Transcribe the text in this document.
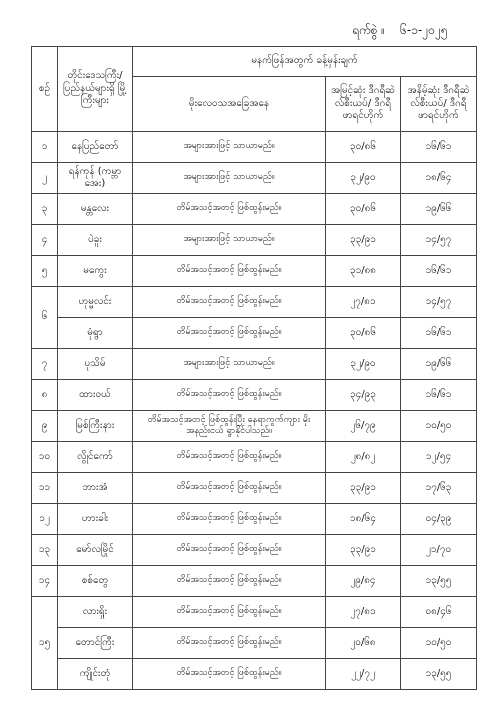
ရက်စွဲ ။ ၆-၁-၂၀၂၅
စဉ်	တိုင်းဒေသကြီး/ ပြည်နယ်များရှိ မြို့ကြီးများ	မနက်ဖြန်အတွက် ခန့်မှန်းချက်		
		မိုးလေဝသအခြေအနေ	အမြင့်ဆုံး ဒီဂရီဆဲလ်စီးယပ်/ ဒီဂရီဖာရင်ဟိုက်	အနိမ့်ဆုံး ဒီဂရီဆဲလ်စီးယပ်/ ဒီဂရီဖာရင်ဟိုက်
၁	နေပြည်တော်	အများအားဖြင့် သာယာမည်။	၃၀/၈၆	၁၆/၆၁
၂	ရန်ကုန် (ကမ္ဘာအေး)	အများအားဖြင့် သာယာမည်။	၃၂/၉၀	၁၈/၆၄
၃	မန္တလေး	တိမ်အသင့်အတင့် ဖြစ်ထွန်းမည်။	၃၀/၈၆	၁၉/၆၆
၄	ပဲခူး	အများအားဖြင့် သာယာမည်။	၃၃/၉၁	၁၄/၅၇
၅	မကွေး	တိမ်အသင့်အတင့် ဖြစ်ထွန်းမည်။	၃၁/၈၈	၁၆/၆၁
၆	ဟုမ္မလင်း	တိမ်အသင့်အတင့် ဖြစ်ထွန်းမည်။	၂၇/၈၁	၁၄/၅၇
	မုံရွာ	တိမ်အသင့်အတင့် ဖြစ်ထွန်းမည်။	၃၀/၈၆	၁၆/၆၁
၇	ပုသိမ်	အများအားဖြင့် သာယာမည်။	၃၂/၉၀	၁၉/၆၆
၈	ထားဝယ်	တိမ်အသင့်အတင့် ဖြစ်ထွန်းမည်။	၃၄/၉၃	၁၆/၆၁
၉	မြစ်ကြီးနား	တိမ်အသင့်အတင့် ဖြစ်ထွန်းပြီး နေရာကွက်ကျား မိုးအနည်းငယ် ရွာနိုင်ပါသည်။	၂၆/၇၉	၁၀/၅၀
၁၀	လွိုင်ကော်	တိမ်အသင့်အတင့် ဖြစ်ထွန်းမည်။	၂၈/၈၂	၁၂/၅၄
၁၁	ဘားအံ	တိမ်အသင့်အတင့် ဖြစ်ထွန်းမည်။	၃၃/၉၁	၁၇/၆၃
၁၂	ဟားခါး	တိမ်အသင့်အတင့် ဖြစ်ထွန်းမည်။	၁၈/၆၄	၀၄/၃၉
၁၃	မော်လမြိုင်	တိမ်အသင့်အတင့် ဖြစ်ထွန်းမည်။	၃၃/၉၁	၂၁/၇၀
၁၄	စစ်တွေ	တိမ်အသင့်အတင့် ဖြစ်ထွန်းမည်။	၂၉/၈၄	၁၃/၅၅
၁၅	လားရှိုး	တိမ်အသင့်အတင့် ဖြစ်ထွန်းမည်။	၂၇/၈၁	၀၈/၄၆
	တောင်ကြီး	တိမ်အသင့်အတင့် ဖြစ်ထွန်းမည်။	၂၀/၆၈	၁၀/၅၀
	ကျိုင်းတုံ	တိမ်အသင့်အတင့် ဖြစ်ထွန်းမည်။	၂၂/၇၂	၁၃/၅၅
